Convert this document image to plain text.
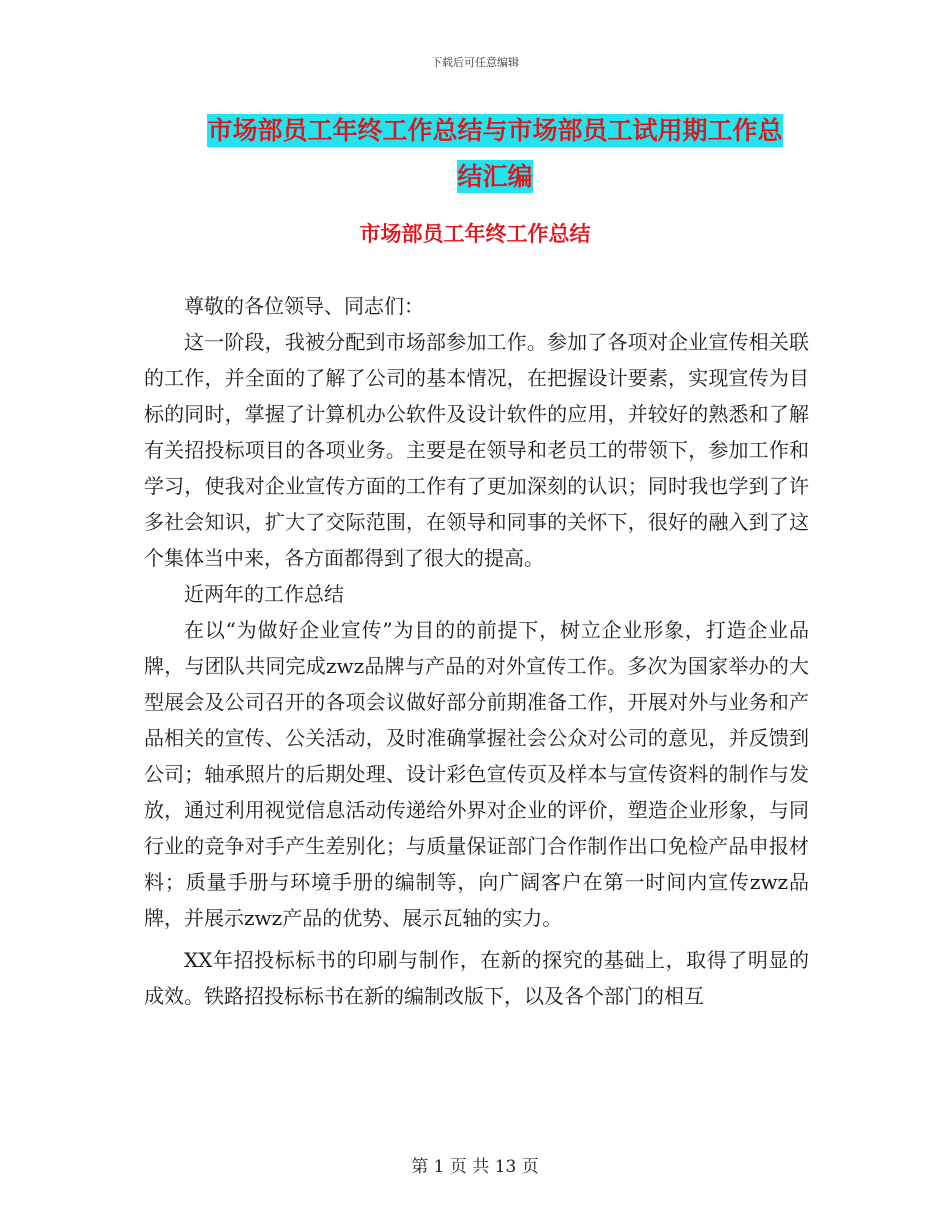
下载后可任意编辑
市场部员工年终工作总结与市场部员工试用期工作总
结汇编
市场部员工年终工作总结

尊敬的各位领导、同志们：

这一阶段，我被分配到市场部参加工作。参加了各项对企业宣传相关联的工作，并全面的了解了公司的基本情况，在把握设计要素，实现宣传为目标的同时，掌握了计算机办公软件及设计软件的应用，并较好的熟悉和了解有关招投标项目的各项业务。主要是在领导和老员工的带领下，参加工作和学习，使我对企业宣传方面的工作有了更加深刻的认识；同时我也学到了许多社会知识，扩大了交际范围，在领导和同事的关怀下，很好的融入到了这个集体当中来，各方面都得到了很大的提高。

近两年的工作总结

在以“为做好企业宣传”为目的的前提下，树立企业形象，打造企业品牌，与团队共同完成zwz品牌与产品的对外宣传工作。多次为国家举办的大型展会及公司召开的各项会议做好部分前期准备工作，开展对外与业务和产品相关的宣传、公关活动，及时准确掌握社会公众对公司的意见，并反馈到公司；轴承照片的后期处理、设计彩色宣传页及样本与宣传资料的制作与发放，通过利用视觉信息活动传递给外界对企业的评价，塑造企业形象，与同行业的竞争对手产生差别化；与质量保证部门合作制作出口免检产品申报材料；质量手册与环境手册的编制等，向广阔客户在第一时间内宣传zwz品牌，并展示zwz产品的优势、展示瓦轴的实力。

XX年招投标标书的印刷与制作，在新的探究的基础上，取得了明显的成效。铁路招投标标书在新的编制改版下，以及各个部门的相互

第 1 页 共 13 页
